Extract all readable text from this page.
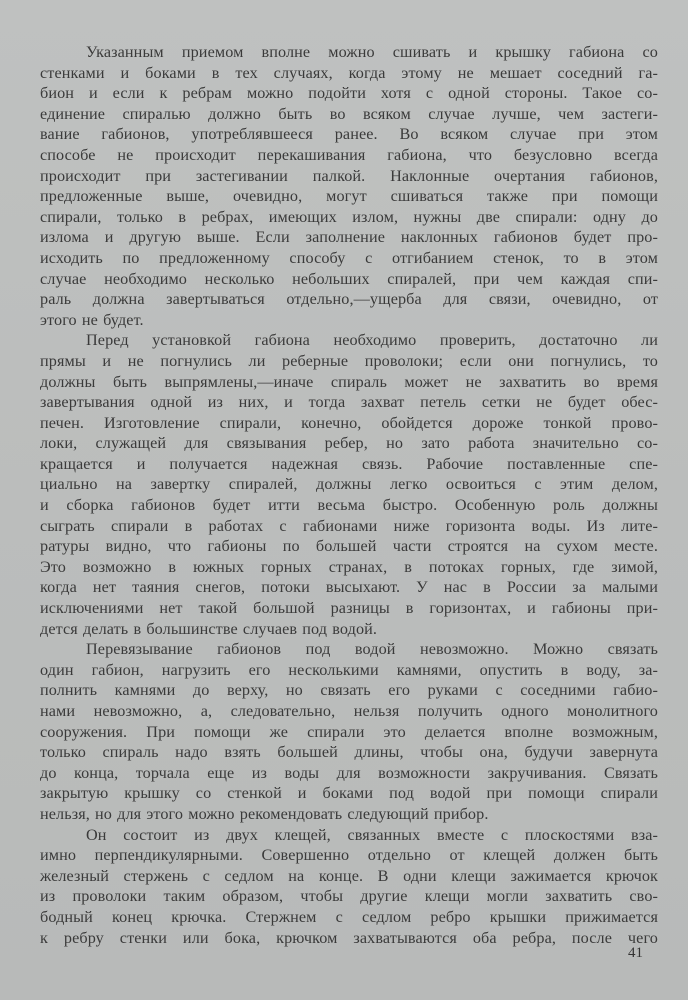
Указанным приемом вполне можно сшивать и крышку габиона со
стенками и боками в тех случаях, когда этому не мешает соседний га-
бион и если к ребрам можно подойти хотя с одной стороны. Такое со-
единение спиралью должно быть во всяком случае лучше, чем застеги-
вание габионов, употреблявшееся ранее. Во всяком случае при этом
способе не происходит перекашивания габиона, что безусловно всегда
происходит при застегивании палкой. Наклонные очертания габионов,
предложенные выше, очевидно, могут сшиваться также при помощи
спирали, только в ребрах, имеющих излом, нужны две спирали: одну до
излома и другую выше. Если заполнение наклонных габионов будет про-
исходить по предложенному способу с отгибанием стенок, то в этом
случае необходимо несколько небольших спиралей, при чем каждая спи-
раль должна завертываться отдельно,—ущерба для связи, очевидно, от
этого не будет.
Перед установкой габиона необходимо проверить, достаточно ли
прямы и не погнулись ли реберные проволоки; если они погнулись, то
должны быть выпрямлены,—иначе спираль может не захватить во время
завертывания одной из них, и тогда захват петель сетки не будет обес-
печен. Изготовление спирали, конечно, обойдется дороже тонкой прово-
локи, служащей для связывания ребер, но зато работа значительно со-
кращается и получается надежная связь. Рабочие поставленные спе-
циально на завертку спиралей, должны легко освоиться с этим делом,
и сборка габионов будет итти весьма быстро. Особенную роль должны
сыграть спирали в работах с габионами ниже горизонта воды. Из лите-
ратуры видно, что габионы по большей части строятся на сухом месте.
Это возможно в южных горных странах, в потоках горных, где зимой,
когда нет таяния снегов, потоки высыхают. У нас в России за малыми
исключениями нет такой большой разницы в горизонтах, и габионы при-
дется делать в большинстве случаев под водой.
Перевязывание габионов под водой невозможно. Можно связать
один габион, нагрузить его несколькими камнями, опустить в воду, за-
полнить камнями до верху, но связать его руками с соседними габио-
нами невозможно, а, следовательно, нельзя получить одного монолитного
сооружения. При помощи же спирали это делается вполне возможным,
только спираль надо взять большей длины, чтобы она, будучи завернута
до конца, торчала еще из воды для возможности закручивания. Связать
закрытую крышку со стенкой и боками под водой при помощи спирали
нельзя, но для этого можно рекомендовать следующий прибор.
Он состоит из двух клещей, связанных вместе с плоскостями вза-
имно перпендикулярными. Совершенно отдельно от клещей должен быть
железный стержень с седлом на конце. В одни клещи зажимается крючок
из проволоки таким образом, чтобы другие клещи могли захватить сво-
бодный конец крючка. Стержнем с седлом ребро крышки прижимается
к ребру стенки или бока, крючком захватываются оба ребра, после чего
41
